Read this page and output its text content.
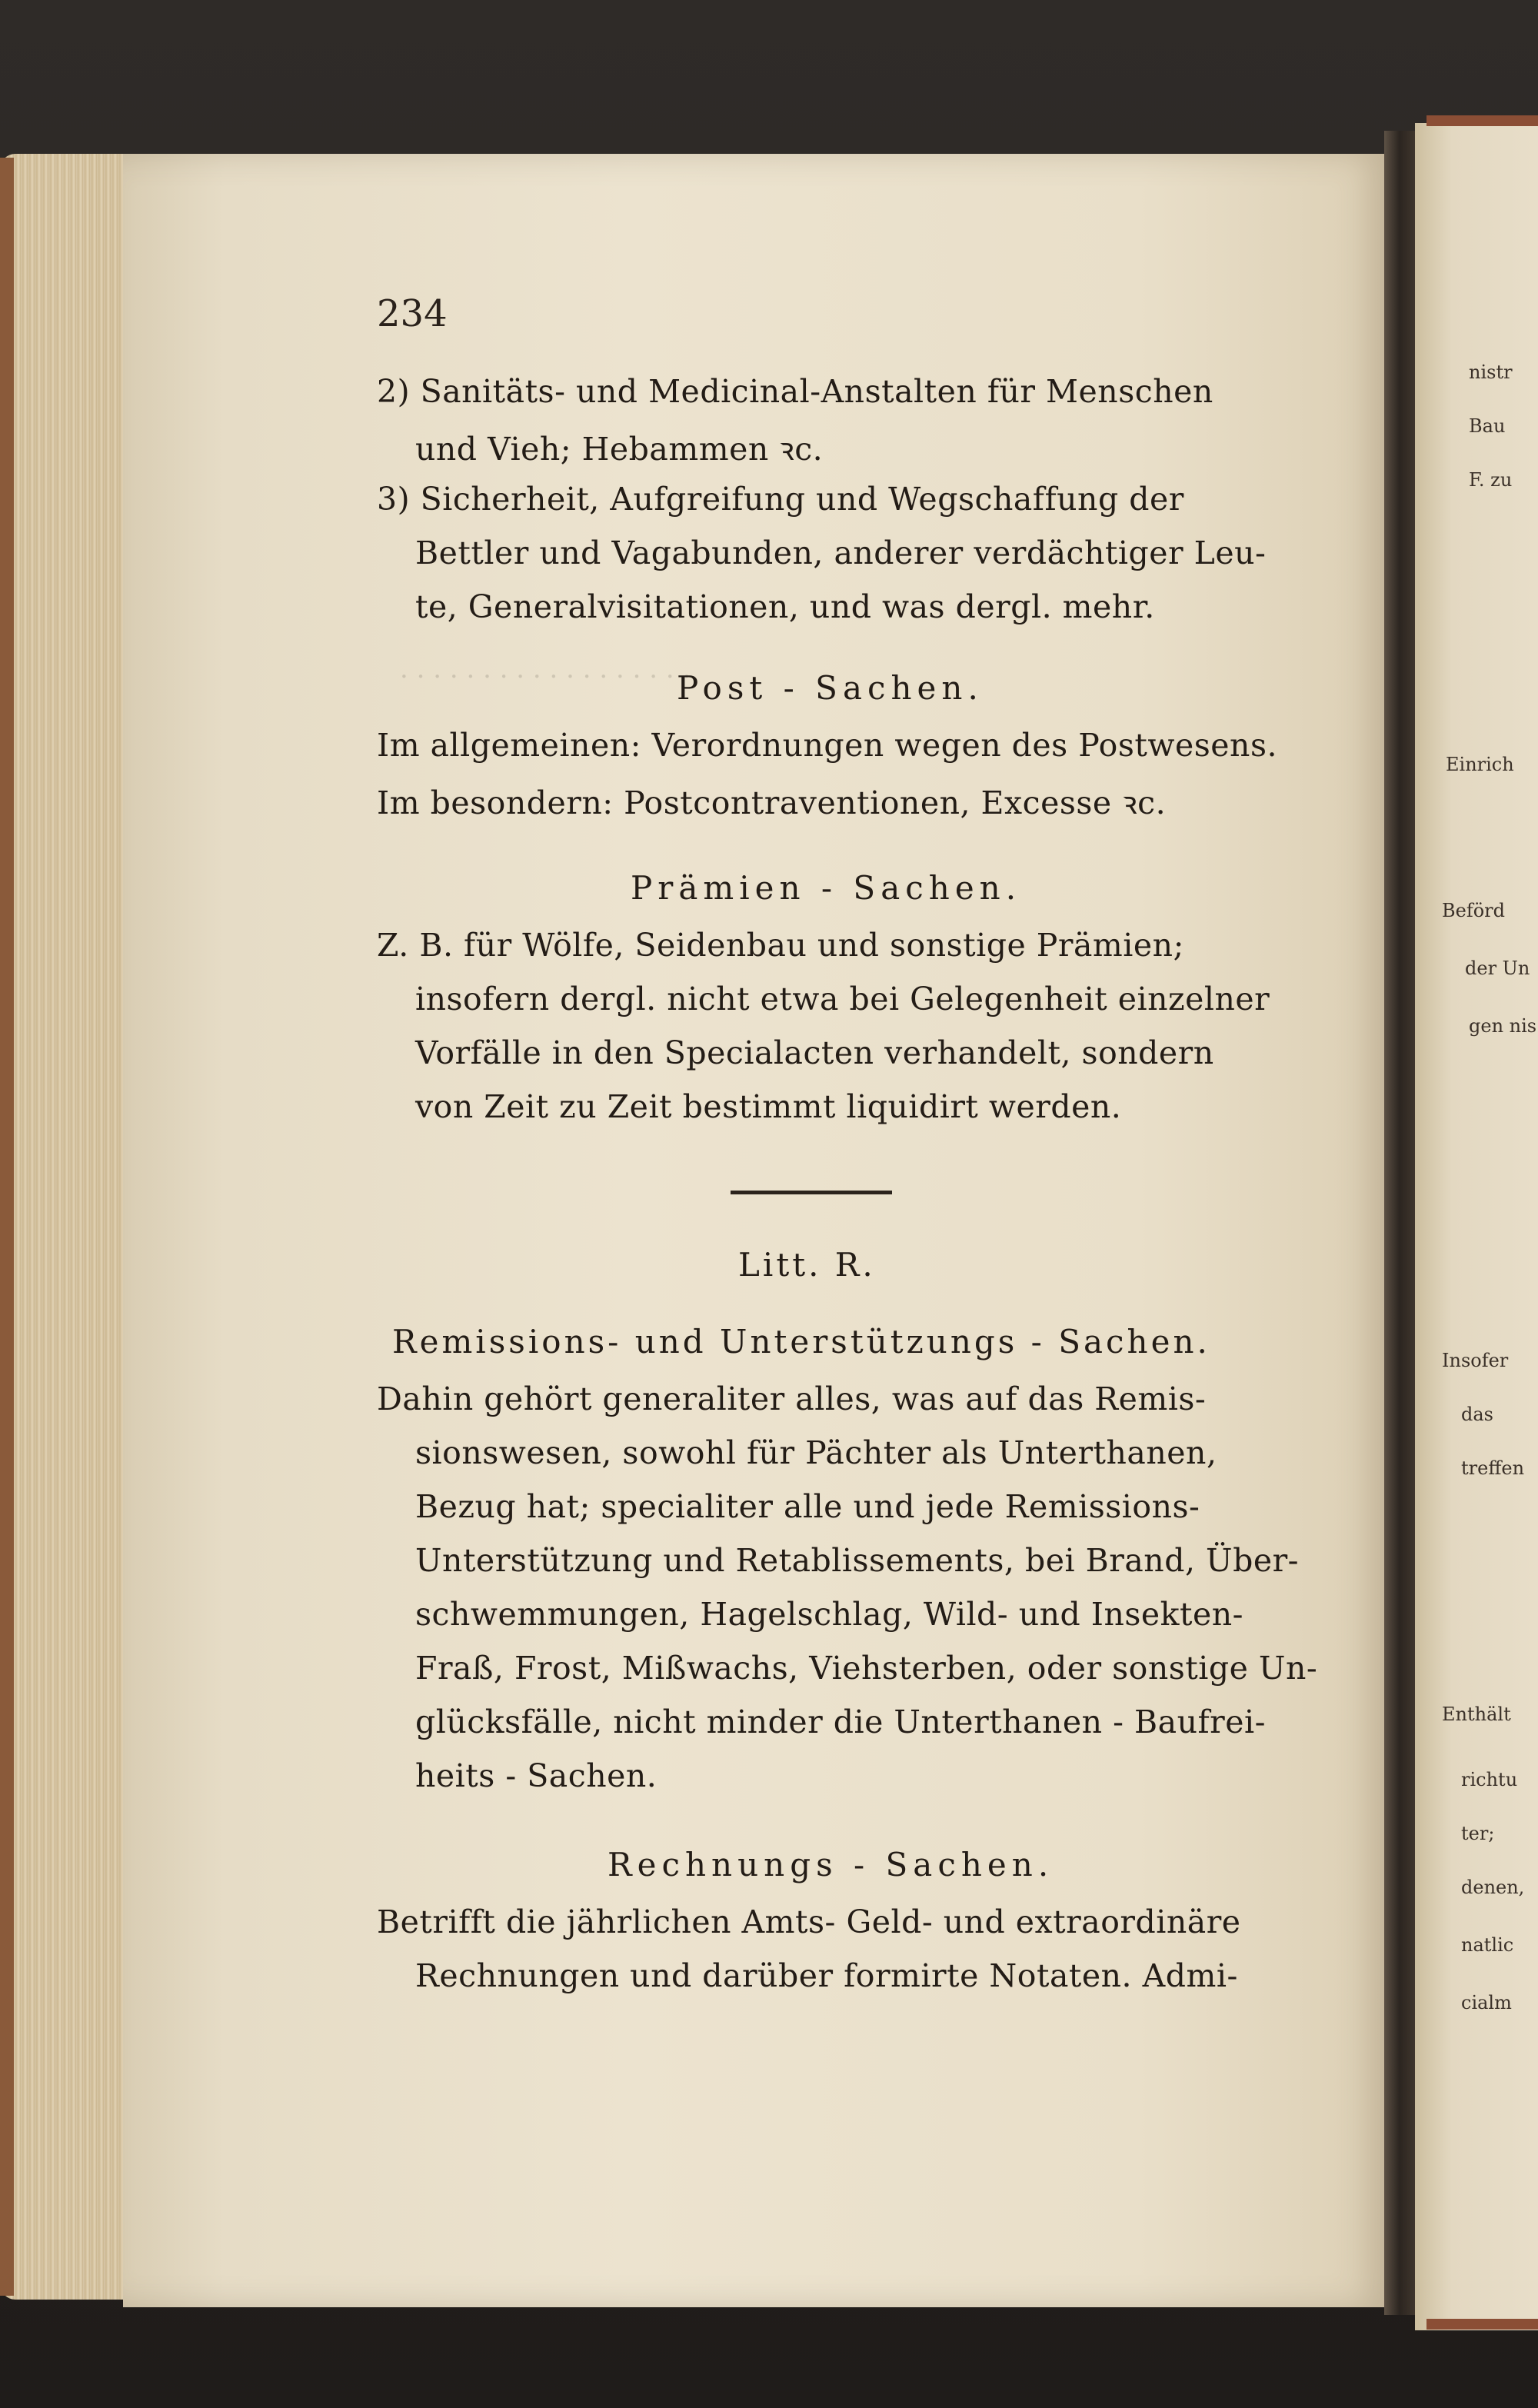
· · · · · · · · · · · · · · · · · ·
nistr
Bau
F. zu
Einrich
Beförd
der Un
gen nis
Insofer
das
treffen
Enthält
richtu
ter;
denen,
natlic
cialm
234
2) Sanitäts- und Medicinal-Anstalten für Menschen
und Vieh; Hebammen ꝛc.
3) Sicherheit, Aufgreifung und Wegschaffung der
Bettler und Vagabunden, anderer verdächtiger Leu-
te, Generalvisitationen, und was dergl. mehr.
Post - Sachen.
Im allgemeinen: Verordnungen wegen des Postwesens.
Im besondern: Postcontraventionen, Excesse ꝛc.
Prämien - Sachen.
Z. B. für Wölfe, Seidenbau und sonstige Prämien;
insofern dergl. nicht etwa bei Gelegenheit einzelner
Vorfälle in den Specialacten verhandelt, sondern
von Zeit zu Zeit bestimmt liquidirt werden.
Litt. R.
Remissions- und Unterstützungs - Sachen.
Dahin gehört generaliter alles, was auf das Remis-
sionswesen, sowohl für Pächter als Unterthanen,
Bezug hat; specialiter alle und jede Remissions-
Unterstützung und Retablissements, bei Brand, Über-
schwemmungen, Hagelschlag, Wild- und Insekten-
Fraß, Frost, Mißwachs, Viehsterben, oder sonstige Un-
glücksfälle, nicht minder die Unterthanen - Baufrei-
heits - Sachen.
Rechnungs - Sachen.
Betrifft die jährlichen Amts- Geld- und extraordinäre
Rechnungen und darüber formirte Notaten. Admi-
